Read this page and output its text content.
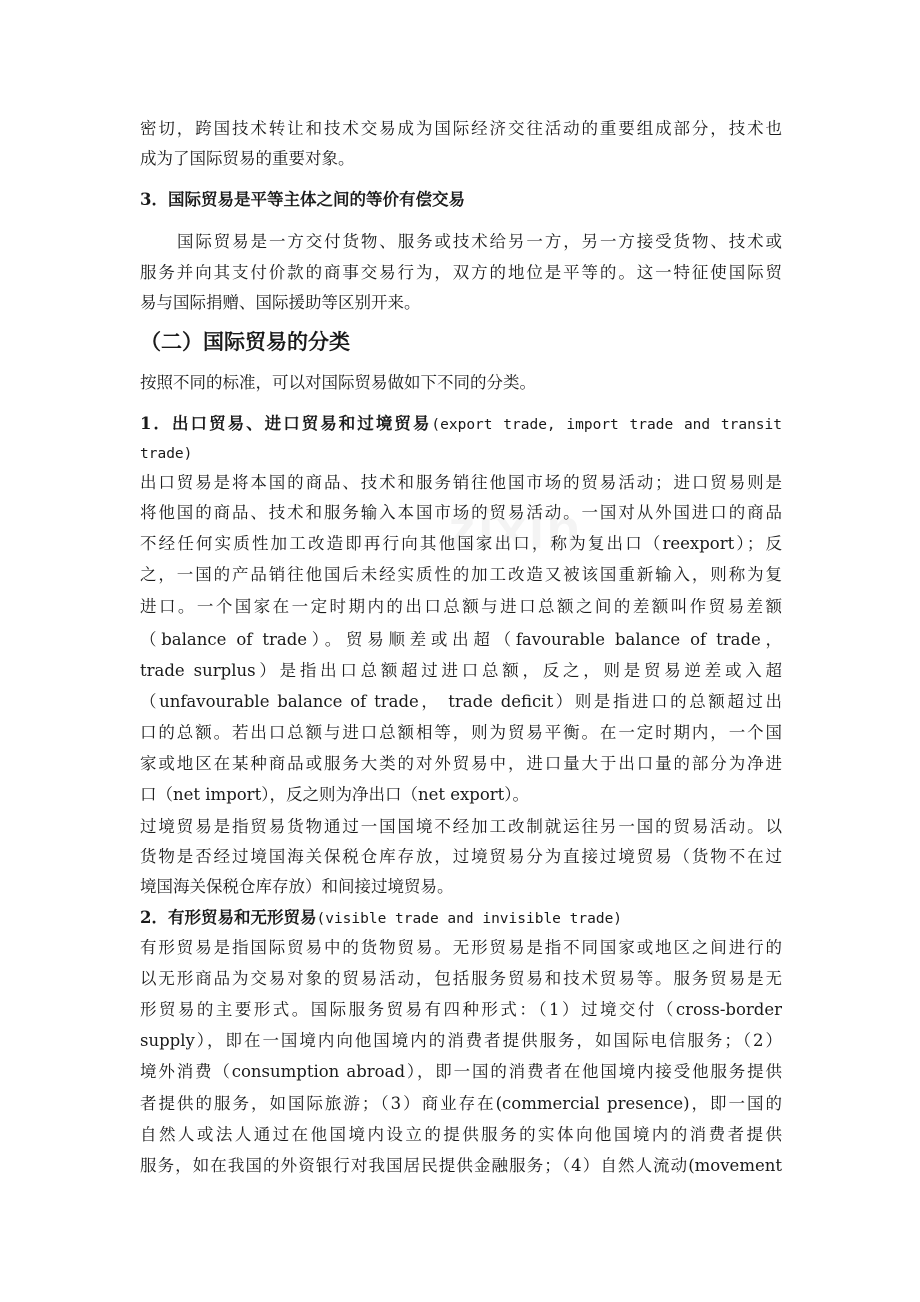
密切，跨国技术转让和技术交易成为国际经济交往活动的重要组成部分，技术也
成为了国际贸易的重要对象。
3．国际贸易是平等主体之间的等价有偿交易
国际贸易是一方交付货物、服务或技术给另一方，另一方接受货物、技术或
服务并向其支付价款的商事交易行为，双方的地位是平等的。这一特征使国际贸
易与国际捐赠、国际援助等区别开来。
（二）国际贸易的分类
按照不同的标准，可以对国际贸易做如下不同的分类。
1．出口贸易、进口贸易和过境贸易(export trade, import trade and transit
trade)
出口贸易是将本国的商品、技术和服务销往他国市场的贸易活动；进口贸易则是
将他国的商品、技术和服务输入本国市场的贸易活动。一国对从外国进口的商品
不经任何实质性加工改造即再行向其他国家出口，称为复出口（reexport）；反
之，一国的产品销往他国后未经实质性的加工改造又被该国重新输入，则称为复
进口。一个国家在一定时期内的出口总额与进口总额之间的差额叫作贸易差额
（balance of trade）。贸易顺差或出超（favourable balance of trade，
trade surplus）是指出口总额超过进口总额，反之，则是贸易逆差或入超
（unfavourable balance of trade， trade deficit）则是指进口的总额超过出
口的总额。若出口总额与进口总额相等，则为贸易平衡。在一定时期内，一个国
家或地区在某种商品或服务大类的对外贸易中，进口量大于出口量的部分为净进
口（net import），反之则为净出口（net export）。
过境贸易是指贸易货物通过一国国境不经加工改制就运往另一国的贸易活动。以
货物是否经过境国海关保税仓库存放，过境贸易分为直接过境贸易（货物不在过
境国海关保税仓库存放）和间接过境贸易。
2．有形贸易和无形贸易(visible trade and invisible trade)
有形贸易是指国际贸易中的货物贸易。无形贸易是指不同国家或地区之间进行的
以无形商品为交易对象的贸易活动，包括服务贸易和技术贸易等。服务贸易是无
形贸易的主要形式。国际服务贸易有四种形式：（1）过境交付（cross-border
supply），即在一国境内向他国境内的消费者提供服务，如国际电信服务；（2）
境外消费（consumption abroad），即一国的消费者在他国境内接受他服务提供
者提供的服务，如国际旅游；（3）商业存在(commercial presence)，即一国的
自然人或法人通过在他国境内设立的提供服务的实体向他国境内的消费者提供
服务，如在我国的外资银行对我国居民提供金融服务；（4）自然人流动(movement
